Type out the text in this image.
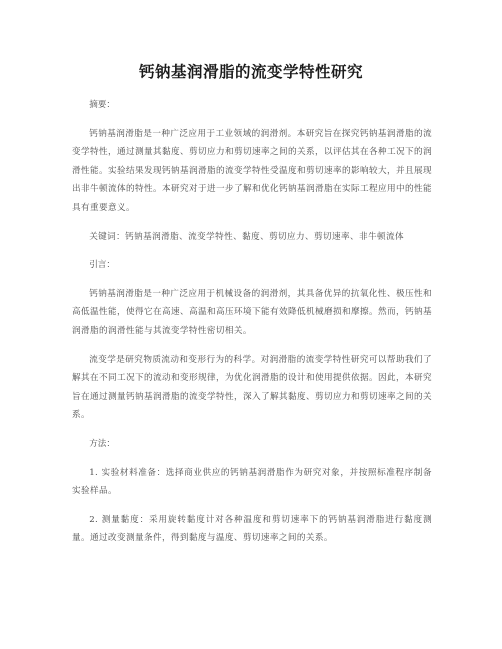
钙钠基润滑脂的流变学特性研究

摘要：

钙钠基润滑脂是一种广泛应用于工业领域的润滑剂。本研究旨在探究钙钠基润滑脂的流变学特性，通过测量其黏度、剪切应力和剪切速率之间的关系，以评估其在各种工况下的润滑性能。实验结果发现钙钠基润滑脂的流变学特性受温度和剪切速率的影响较大，并且展现出非牛顿流体的特性。本研究对于进一步了解和优化钙钠基润滑脂在实际工程应用中的性能具有重要意义。

关键词：钙钠基润滑脂、流变学特性、黏度、剪切应力、剪切速率、非牛顿流体

引言：

钙钠基润滑脂是一种广泛应用于机械设备的润滑剂，其具备优异的抗氧化性、极压性和高低温性能，使得它在高速、高温和高压环境下能有效降低机械磨损和摩擦。然而，钙钠基润滑脂的润滑性能与其流变学特性密切相关。

流变学是研究物质流动和变形行为的科学。对润滑脂的流变学特性研究可以帮助我们了解其在不同工况下的流动和变形规律，为优化润滑脂的设计和使用提供依据。因此，本研究旨在通过测量钙钠基润滑脂的流变学特性，深入了解其黏度、剪切应力和剪切速率之间的关系。

方法：

1. 实验材料准备：选择商业供应的钙钠基润滑脂作为研究对象，并按照标准程序制备实验样品。

2. 测量黏度：采用旋转黏度计对各种温度和剪切速率下的钙钠基润滑脂进行黏度测量。通过改变测量条件，得到黏度与温度、剪切速率之间的关系。
